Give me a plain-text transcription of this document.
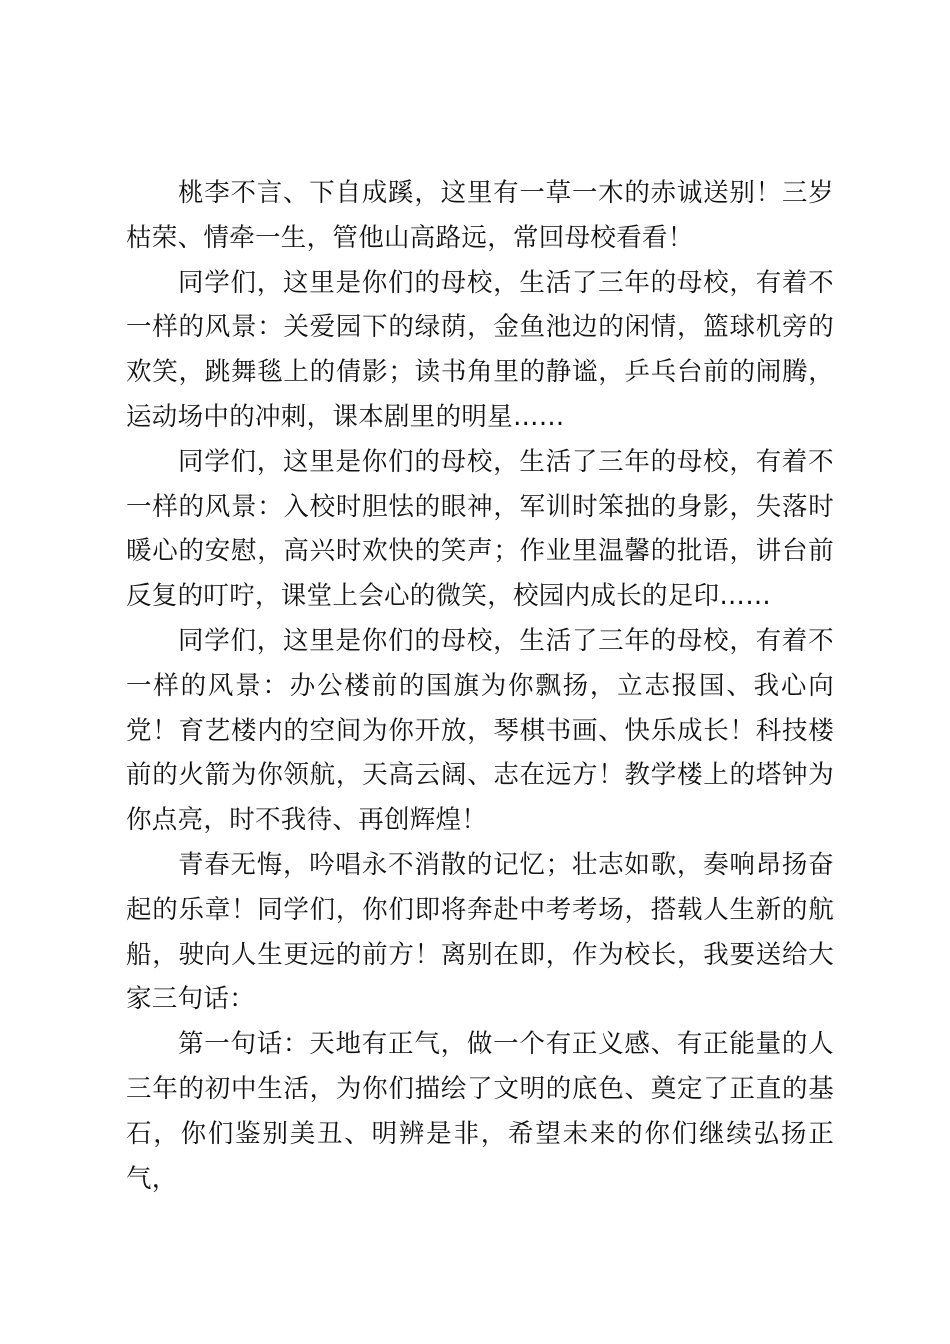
桃李不言、下自成蹊，这里有一草一木的赤诚送别！三岁枯荣、情牵一生，管他山高路远，常回母校看看！

同学们，这里是你们的母校，生活了三年的母校，有着不一样的风景：关爱园下的绿荫，金鱼池边的闲情，篮球机旁的欢笑，跳舞毯上的倩影；读书角里的静谧，乒乓台前的闹腾，运动场中的冲刺，课本剧里的明星……

同学们，这里是你们的母校，生活了三年的母校，有着不一样的风景：入校时胆怯的眼神，军训时笨拙的身影，失落时暖心的安慰，高兴时欢快的笑声；作业里温馨的批语，讲台前反复的叮咛，课堂上会心的微笑，校园内成长的足印……

同学们，这里是你们的母校，生活了三年的母校，有着不一样的风景：办公楼前的国旗为你飘扬，立志报国、我心向党！育艺楼内的空间为你开放，琴棋书画、快乐成长！科技楼前的火箭为你领航，天高云阔、志在远方！教学楼上的塔钟为你点亮，时不我待、再创辉煌！

青春无悔，吟唱永不消散的记忆；壮志如歌，奏响昂扬奋起的乐章！同学们，你们即将奔赴中考考场，搭载人生新的航船，驶向人生更远的前方！离别在即，作为校长，我要送给大家三句话：

第一句话：天地有正气，做一个有正义感、有正能量的人三年的初中生活，为你们描绘了文明的底色、奠定了正直的基石，你们鉴别美丑、明辨是非，希望未来的你们继续弘扬正气，
